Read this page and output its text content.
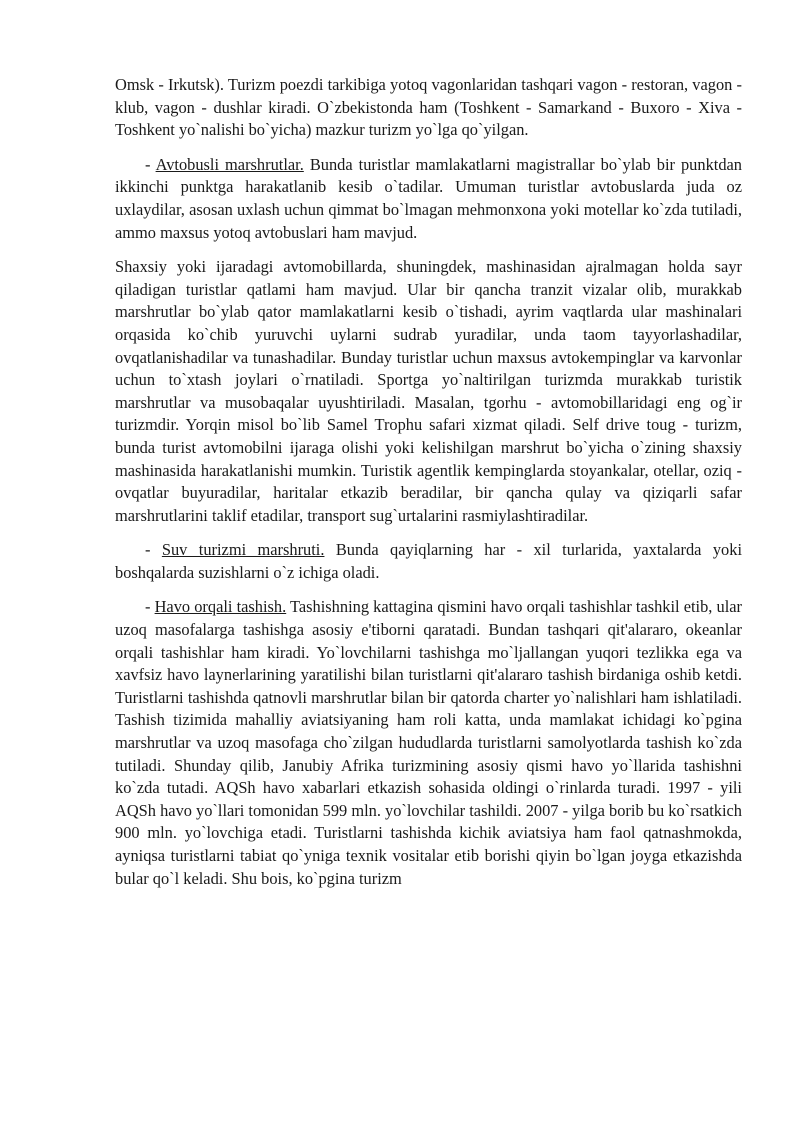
Omsk - Irkutsk). Turizm poezdi tarkibiga yotoq vagonlaridan tashqari vagon - restoran, vagon -klub, vagon - dushlar kiradi. O`zbekistonda ham (Toshkent - Samarkand - Buxoro - Xiva - Toshkent yo`nalishi bo`yicha) mazkur turizm yo`lga qo`yilgan.

- Avtobusli marshrutlar. Bunda turistlar mamlakatlarni magistrallar bo`ylab bir punktdan ikkinchi punktga harakatlanib kesib o`tadilar. Umuman turistlar avtobuslarda juda oz uxlaydilar, asosan uxlash uchun qimmat bo`lmagan mehmonxona yoki motellar ko`zda tutiladi, ammo maxsus yotoq avtobuslari ham mavjud.

Shaxsiy yoki ijaradagi avtomobillarda, shuningdek, mashinasidan ajralmagan holda sayr qiladigan turistlar qatlami ham mavjud. Ular bir qancha tranzit vizalar olib, murakkab marshrutlar bo`ylab qator mamlakatlarni kesib o`tishadi, ayrim vaqtlarda ular mashinalari orqasida ko`chib yuruvchi uylarni sudrab yuradilar, unda taom tayyorlashadilar, ovqatlanishadilar va tunashadilar. Bunday turistlar uchun maxsus avtokempinglar va karvonlar uchun to`xtash joylari o`rnatiladi. Sportga yo`naltirilgan turizmda murakkab turistik marshrutlar va musobaqalar uyushtiriladi. Masalan, tgorhu - avtomobillaridagi eng og`ir turizmdir. Yorqin misol bo`lib Samel Trophu safari xizmat qiladi. Self drive toug - turizm, bunda turist avtomobilni ijaraga olishi yoki kelishilgan marshrut bo`yicha o`zining shaxsiy mashinasida harakatlanishi mumkin. Turistik agentlik kempinglarda stoyankalar, otellar, oziq - ovqatlar buyuradilar, haritalar etkazib beradilar, bir qancha qulay va qiziqarli safar marshrutlarini taklif etadilar, transport sug`urtalarini rasmiylashtiradilar.

- Suv turizmi marshruti. Bunda qayiqlarning har - xil turlarida, yaxtalarda yoki boshqalarda suzishlarni o`z ichiga oladi.

- Havo orqali tashish. Tashishning kattagina qismini havo orqali tashishlar tashkil etib, ular uzoq masofalarga tashishga asosiy e'tiborni qaratadi. Bundan tashqari qit'alararo, okeanlar orqali tashishlar ham kiradi. Yo`lovchilarni tashishga mo`ljallangan yuqori tezlikka ega va xavfsiz havo laynerlarining yaratilishi bilan turistlarni qit'alararo tashish birdaniga oshib ketdi. Turistlarni tashishda qatnovli marshrutlar bilan bir qatorda charter yo`nalishlari ham ishlatiladi. Tashish tizimida mahalliy aviatsiyaning ham roli katta, unda mamlakat ichidagi ko`pgina marshrutlar va uzoq masofaga cho`zilgan hududlarda turistlarni samolyotlarda tashish ko`zda tutiladi. Shunday qilib, Janubiy Afrika turizmining asosiy qismi havo yo`llarida tashishni ko`zda tutadi. AQSh havo xabarlari etkazish sohasida oldingi o`rinlarda turadi. 1997 - yili AQSh havo yo`llari tomonidan 599 mln. yo`lovchilar tashildi. 2007 - yilga borib bu ko`rsatkich 900 mln. yo`lovchiga etadi. Turistlarni tashishda kichik aviatsiya ham faol qatnashmokda, ayniqsa turistlarni tabiat qo`yniga texnik vositalar etib borishi qiyin bo`lgan joyga etkazishda bular qo`l keladi. Shu bois, ko`pgina turizm
